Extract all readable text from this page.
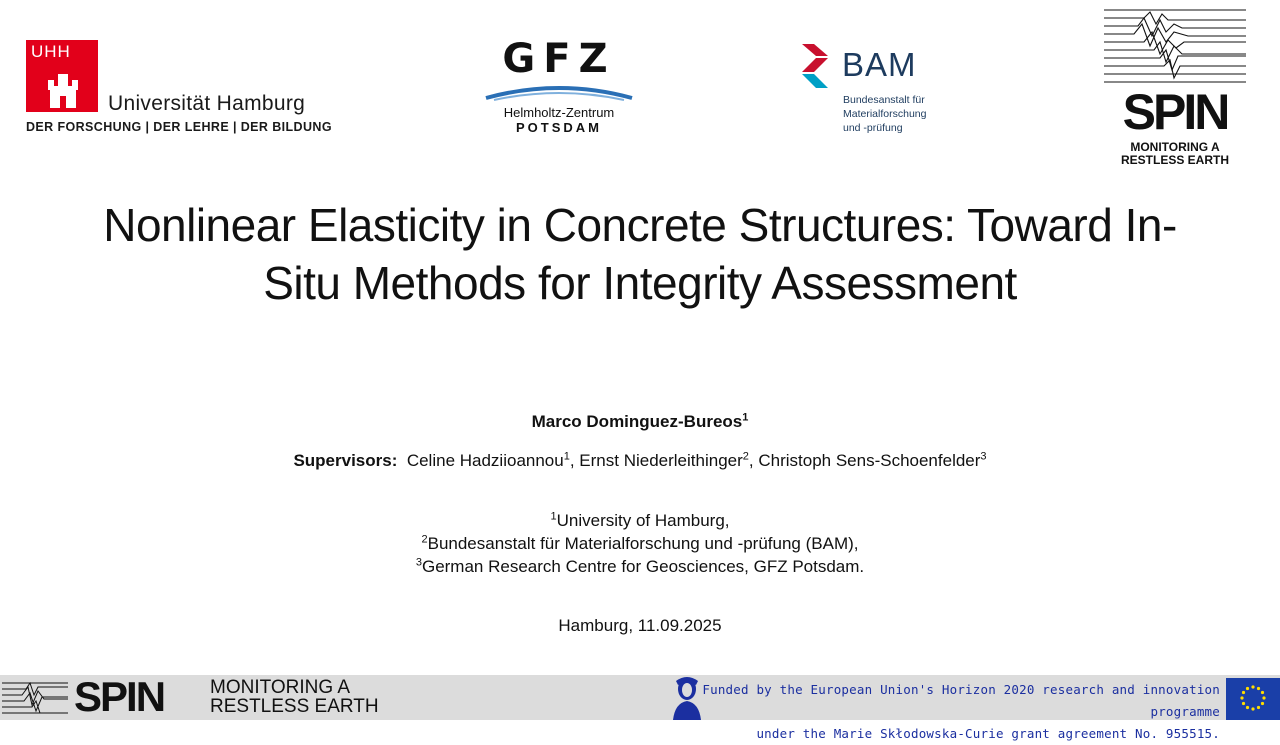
UHH
Universität Hamburg
DER FORSCHUNG | DER LEHRE | DER BILDUNG
GFZ
Helmholtz-Zentrum
POTSDAM
BAM
Bundesanstalt für
Materialforschung
und -prüfung	SPIN
MONITORING A
RESTLESS EARTH
Nonlinear Elasticity in Concrete Structures: Toward In-Situ Methods for Integrity Assessment
Marco Dominguez-Bureos$^1$
Supervisors: Celine Hadziioannou$^1$, Ernst Niederleithinger$^2$, Christoph Sens-Schoenfelder$^3$
$^1$University of Hamburg,
$^2$Bundesanstalt für Materialforschung und -prüfung (BAM),
$^3$German Research Centre for Geosciences, GFZ Potsdam.
Hamburg, 11.09.2025
SPIN MONITORING A
RESTLESS EARTH
Funded by the European Union's Horizon 2020 research and innovation programme
under the Marie Skłodowska-Curie grant agreement No. 955515.
